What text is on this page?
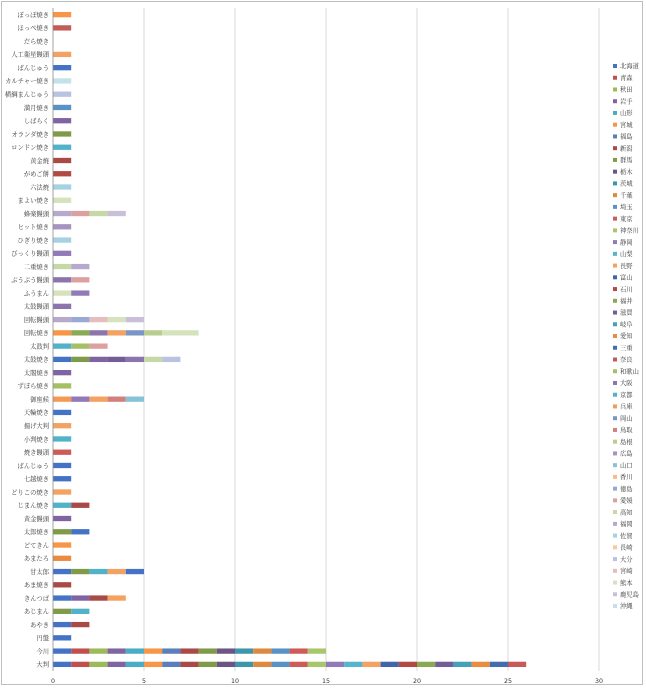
ぽっぽ焼き
ほっぺ焼き
だら焼き
人工衛星饅頭
ばんじゅう
カルチャー焼き
横綱まんじゅう
満月焼き
しばらく
オランダ焼き
ロンドン焼き
黄金焼
がめご餅
六法焼
まよい焼き
蜂楽饅頭
ヒット焼き
ひぎり焼き
びっくり饅頭
二重焼き
ぶうぶう饅頭
ふうまん
太鼓饅頭
回転饅頭
回転焼き
太鼓判
太鼓焼き
太閤焼き
ずぼら焼き
御座候
天輪焼き
揚げ大判
小判焼き
焼き饅頭
ばんじゅう
七越焼き
どりこの焼き
じまん焼き
黄金饅頭
太郎焼き
どてきん
あまたろ
甘太郎
あま焼き
きんつば
あじまん
あやき
円盤
今川
大判
0	5	10	15	20	25	30
北海道
青森
秋田
岩手
山形
宮城
福島
新潟
群馬
栃木
茨城
千葉
埼玉
東京
神奈川
静岡
山梨
長野
富山
石川
福井
滋賀
岐阜
愛知
三重
奈良
和歌山
大阪
京都
兵庫
岡山
鳥取
島根
広島
山口
香川
徳島
愛媛
高知
福岡
佐賀
長崎
大分
宮崎
熊本
鹿児島
沖縄
